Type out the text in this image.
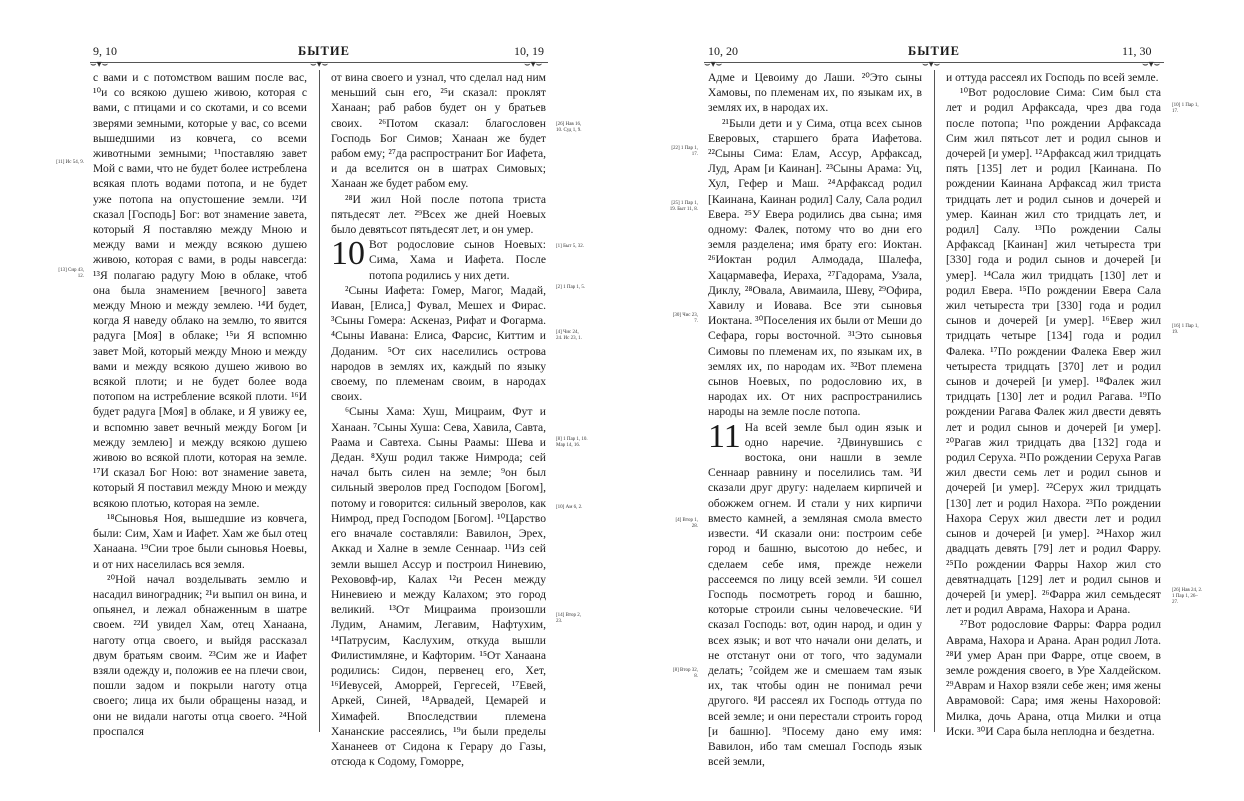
9, 10	БЫТИЕ	10, 19
⌣▾⌣	⌣▾⌣	⌣▾⌣

с вами и с потомством вашим после вас, ¹⁰и со всякою душею живою, которая с вами, с птицами и со скотами, и со всеми зверями земными, которые у вас, со всеми вышедшими из ковчега, со всеми животными земными; ¹¹поставляю завет Мой с вами, что не будет более истреблена всякая плоть водами потопа, и не будет уже потопа на опустошение земли. ¹²И сказал [Господь] Бог: вот знамение завета, который Я поставляю между Мною и между вами и между всякою душею живою, которая с вами, в роды навсегда: ¹³Я полагаю радугу Мою в облаке, чтоб она была знамением [вечного] завета между Мною и между землею. ¹⁴И будет, когда Я наведу облако на землю, то явится радуга [Моя] в облаке; ¹⁵и Я вспомню завет Мой, который между Мною и между вами и между всякою душею живою во всякой плоти; и не будет более вода потопом на истребление всякой плоти. ¹⁶И будет радуга [Моя] в облаке, и Я увижу ее, и вспомню завет вечный между Богом [и между землею] и между всякою душею живою во всякой плоти, которая на земле. ¹⁷И сказал Бог Ною: вот знамение завета, который Я поставил между Мною и между всякою плотью, которая на земле.

¹⁸Сыновья Ноя, вышедшие из ковчега, были: Сим, Хам и Иафет. Хам же был отец Ханаана. ¹⁹Сии трое были сыновья Ноевы, и от них населилась вся земля.

²⁰Ной начал возделывать землю и насадил виноградник; ²¹и выпил он вина, и опьянел, и лежал обнаженным в шатре своем. ²²И увидел Хам, отец Ханаана, наготу отца своего, и выйдя рассказал двум братьям своим. ²³Сим же и Иафет взяли одежду и, положив ее на плечи свои, пошли задом и покрыли наготу отца своего; лица их были обращены назад, и они не видали наготы отца своего. ²⁴Ной проспался

от вина своего и узнал, что сделал над ним меньший сын его, ²⁵и сказал: проклят Ханаан; раб рабов будет он у братьев своих. ²⁶Потом сказал: благословен Господь Бог Симов; Ханаан же будет рабом ему; ²⁷да распространит Бог Иафета, и да вселится он в шатрах Симовых; Ханаан же будет рабом ему.

²⁸И жил Ной после потопа триста пятьдесят лет. ²⁹Всех же дней Ноевых было девятьсот пятьдесят лет, и он умер.

10 Вот родословие сынов Ноевых: Сима, Хама и Иафета. После потопа родились у них дети.

²Сыны Иафета: Гомер, Магог, Мадай, Иаван, [Елиса,] Фувал, Мешех и Фирас. ³Сыны Гомера: Аскеназ, Рифат и Фогарма. ⁴Сыны Иавана: Елиса, Фарсис, Киттим и Доданим. ⁵От сих населились острова народов в землях их, каждый по языку своему, по племенам своим, в народах своих.

⁶Сыны Хама: Хуш, Мицраим, Фут и Ханаан. ⁷Сыны Хуша: Сева, Хавила, Савта, Раама и Савтеха. Сыны Раамы: Шева и Дедан. ⁸Хуш родил также Нимрода; сей начал быть силен на земле; ⁹он был сильный зверолов пред Господом [Богом], потому и говорится: сильный зверолов, как Нимрод, пред Господом [Богом]. ¹⁰Царство его вначале составляли: Вавилон, Эрех, Аккад и Халне в земле Сеннаар. ¹¹Из сей земли вышел Ассур и построил Ниневию, Рехововф-ир, Калах ¹²и Ресен между Ниневиею и между Калахом; это город великий. ¹³От Мицраима произошли Лудим, Анамим, Легавим, Нафтухим, ¹⁴Патрусим, Каслухим, откуда вышли Филистимляне, и Кафторим. ¹⁵От Ханаана родились: Сидон, первенец его, Хет, ¹⁶Иевусей, Аморрей, Гергесей, ¹⁷Евей, Аркей, Синей, ¹⁸Арвадей, Цемарей и Химафей. Впоследствии племена Хананские рассеялись, ¹⁹и были пределы Хананеев от Сидона к Герару до Газы, отсюда к Содому, Гоморре,

[11] Ис 54, 9.
[13] Сир 43, 12.
[26] Нав 16, 10. Суд 1, 9.
[1] Быт 5, 32.
[2] 1 Пар 1, 5.
[4] Чис 24, 24. Ис 23, 1.
[8] 1 Пар 1, 10. Мар 14, 16.
[10] Ам 6, 2.
[14] Втор 2, 23.
10, 20	БЫТИЕ	11, 30
⌣▾⌣	⌣▾⌣	⌣▾⌣

Адме и Цевоиму до Лаши. ²⁰Это сыны Хамовы, по племенам их, по языкам их, в землях их, в народах их.

²¹Были дети и у Сима, отца всех сынов Еверовых, старшего брата Иафетова. ²²Сыны Сима: Елам, Ассур, Арфаксад, Луд, Арам [и Каинан]. ²³Сыны Арама: Уц, Хул, Гефер и Маш. ²⁴Арфаксад родил [Каинана, Каинан родил] Салу, Сала родил Евера. ²⁵У Евера родились два сына; имя одному: Фалек, потому что во дни его земля разделена; имя брату его: Иоктан. ²⁶Иоктан родил Алмодада, Шалефа, Хацармавефа, Иераха, ²⁷Гадорама, Узала, Диклу, ²⁸Овала, Авимаила, Шеву, ²⁹Офира, Хавилу и Иовава. Все эти сыновья Иоктана. ³⁰Поселения их были от Меши до Сефара, горы восточной. ³¹Это сыновья Симовы по племенам их, по языкам их, в землях их, по народам их. ³²Вот племена сынов Ноевых, по родословию их, в народах их. От них распространились народы на земле после потопа.

11 На всей земле был один язык и одно наречие. ²Двинувшись с востока, они нашли в земле Сеннаар равнину и поселились там. ³И сказали друг другу: наделаем кирпичей и обожжем огнем. И стали у них кирпичи вместо камней, а земляная смола вместо извести. ⁴И сказали они: построим себе город и башню, высотою до небес, и сделаем себе имя, прежде нежели рассеемся по лицу всей земли. ⁵И сошел Господь посмотреть город и башню, которые строили сыны человеческие. ⁶И сказал Господь: вот, один народ, и один у всех язык; и вот что начали они делать, и не отстанут они от того, что задумали делать; ⁷сойдем же и смешаем там язык их, так чтобы один не понимал речи другого. ⁸И рассеял их Господь оттуда по всей земле; и они перестали строить город [и башню]. ⁹Посему дано ему имя: Вавилон, ибо там смешал Господь язык всей земли,

и оттуда рассеял их Господь по всей земле.

¹⁰Вот родословие Сима: Сим был ста лет и родил Арфаксада, чрез два года после потопа; ¹¹по рождении Арфаксада Сим жил пятьсот лет и родил сынов и дочерей [и умер]. ¹²Арфаксад жил тридцать пять [135] лет и родил [Каинана. По рождении Каинана Арфаксад жил триста тридцать лет и родил сынов и дочерей и умер. Каинан жил сто тридцать лет, и родил] Салу. ¹³По рождении Салы Арфаксад [Каинан] жил четыреста три [330] года и родил сынов и дочерей [и умер]. ¹⁴Сала жил тридцать [130] лет и родил Евера. ¹⁵По рождении Евера Сала жил четыреста три [330] года и родил сынов и дочерей [и умер]. ¹⁶Евер жил тридцать четыре [134] года и родил Фалека. ¹⁷По рождении Фалека Евер жил четыреста тридцать [370] лет и родил сынов и дочерей [и умер]. ¹⁸Фалек жил тридцать [130] лет и родил Рагава. ¹⁹По рождении Рагава Фалек жил двести девять лет и родил сынов и дочерей [и умер]. ²⁰Рагав жил тридцать два [132] года и родил Серуха. ²¹По рождении Серуха Рагав жил двести семь лет и родил сынов и дочерей [и умер]. ²²Серух жил тридцать [130] лет и родил Нахора. ²³По рождении Нахора Серух жил двести лет и родил сынов и дочерей [и умер]. ²⁴Нахор жил двадцать девять [79] лет и родил Фарру. ²⁵По рождении Фарры Нахор жил сто девятнадцать [129] лет и родил сынов и дочерей [и умер]. ²⁶Фарра жил семьдесят лет и родил Аврама, Нахора и Арана.

²⁷Вот родословие Фарры: Фарра родил Аврама, Нахора и Арана. Аран родил Лота. ²⁸И умер Аран при Фарре, отце своем, в земле рождения своего, в Уре Халдейском. ²⁹Аврам и Нахор взяли себе жен; имя жены Аврамовой: Сара; имя жены Нахоровой: Милка, дочь Арана, отца Милки и отца Иски. ³⁰И Сара была неплодна и бездетна.

[22] 1 Пар 1, 17.
[25] 1 Пар 1, 19. Быт 11, 8.
[30] Чис 23, 7.
[4] Втор 1, 28.
[8] Втор 32, 8.
[10] 1 Пар 1, 17.
[16] 1 Пар 1, 19.
[26] Нав 24, 2. 1 Пар 1, 26–27.
